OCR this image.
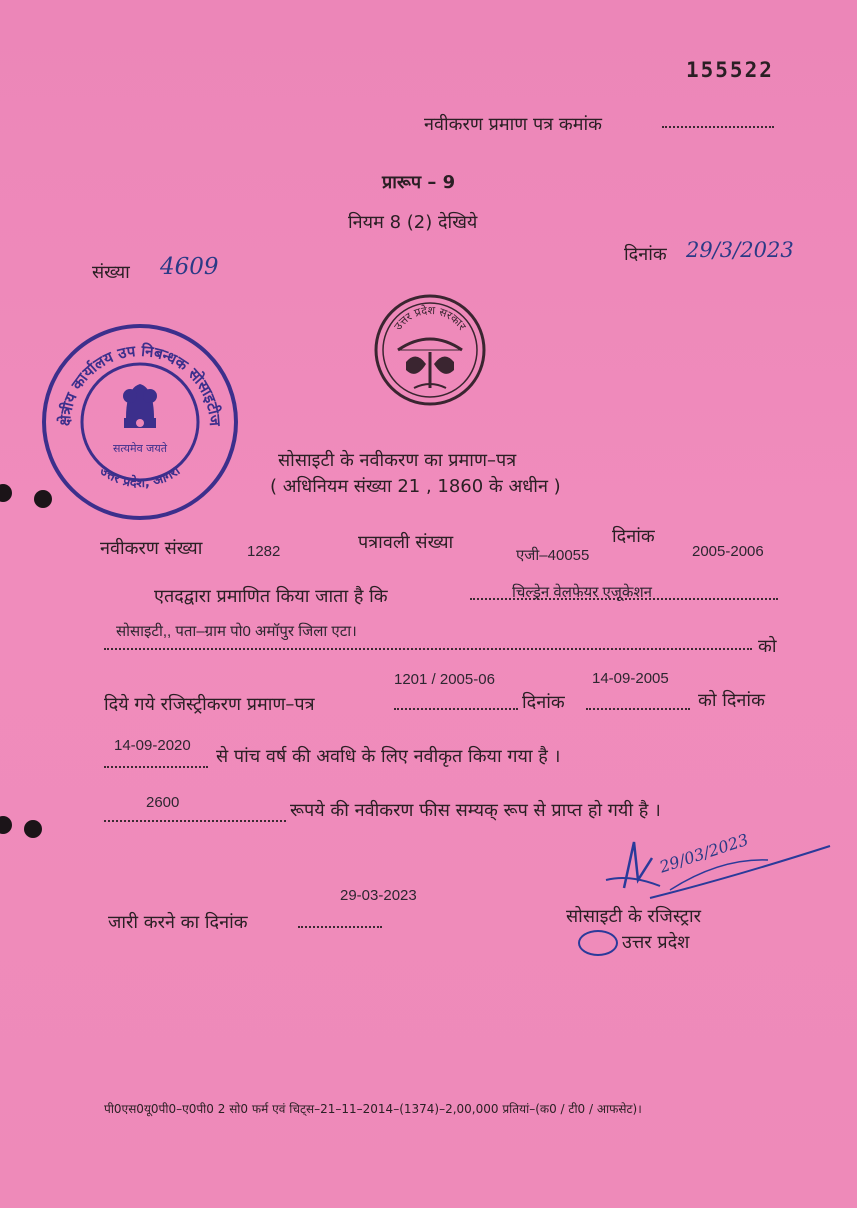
155522
नवीकरण प्रमाण पत्र कमांक
प्रारूप – 9
नियम 8 (2) देखिये
संख्या 4609	दिनांक 29/3/2023
उत्तर प्रदेश सरकार
क्षेत्रीय कार्यालय उप निबन्धक सोसाइटीज
उत्तर प्रदेश, आगरा
सत्यमेव जयते
सोसाइटी के नवीकरण का प्रमाण–पत्र
( अधिनियम संख्या 21 , 1860 के अधीन )
नवीकरण संख्या	1282	पत्रावली संख्या
एजी–40055
दिनांक
2005-2006
एतदद्वारा प्रमाणित किया जाता है कि	चिल्ड्रेन वेलफेयर एजूकेशन
सोसाइटी,, पता–ग्राम पो0 अमॉपुर जिला एटा।
को
1201 / 2005-06	14-09-2005
दिये गये रजिस्ट्रीकरण प्रमाण–पत्र	दिनांक	को दिनांक
14-09-2020
से पांच वर्ष की अवधि के लिए नवीकृत किया गया है ।
2600	रूपये की नवीकरण फीस सम्यक् रूप से प्राप्त हो गयी है ।
29-03-2023
जारी करने का दिनांक
29/03/2023
सोसाइटी के रजिस्ट्रार
उत्तर प्रदेश
पी0एस0यू0पी0–ए0पी0 2 सो0 फर्म एवं चिट्स–21–11–2014–(1374)–2,00,000 प्रतियां–(क0 / टी0 / आफसेट)।
